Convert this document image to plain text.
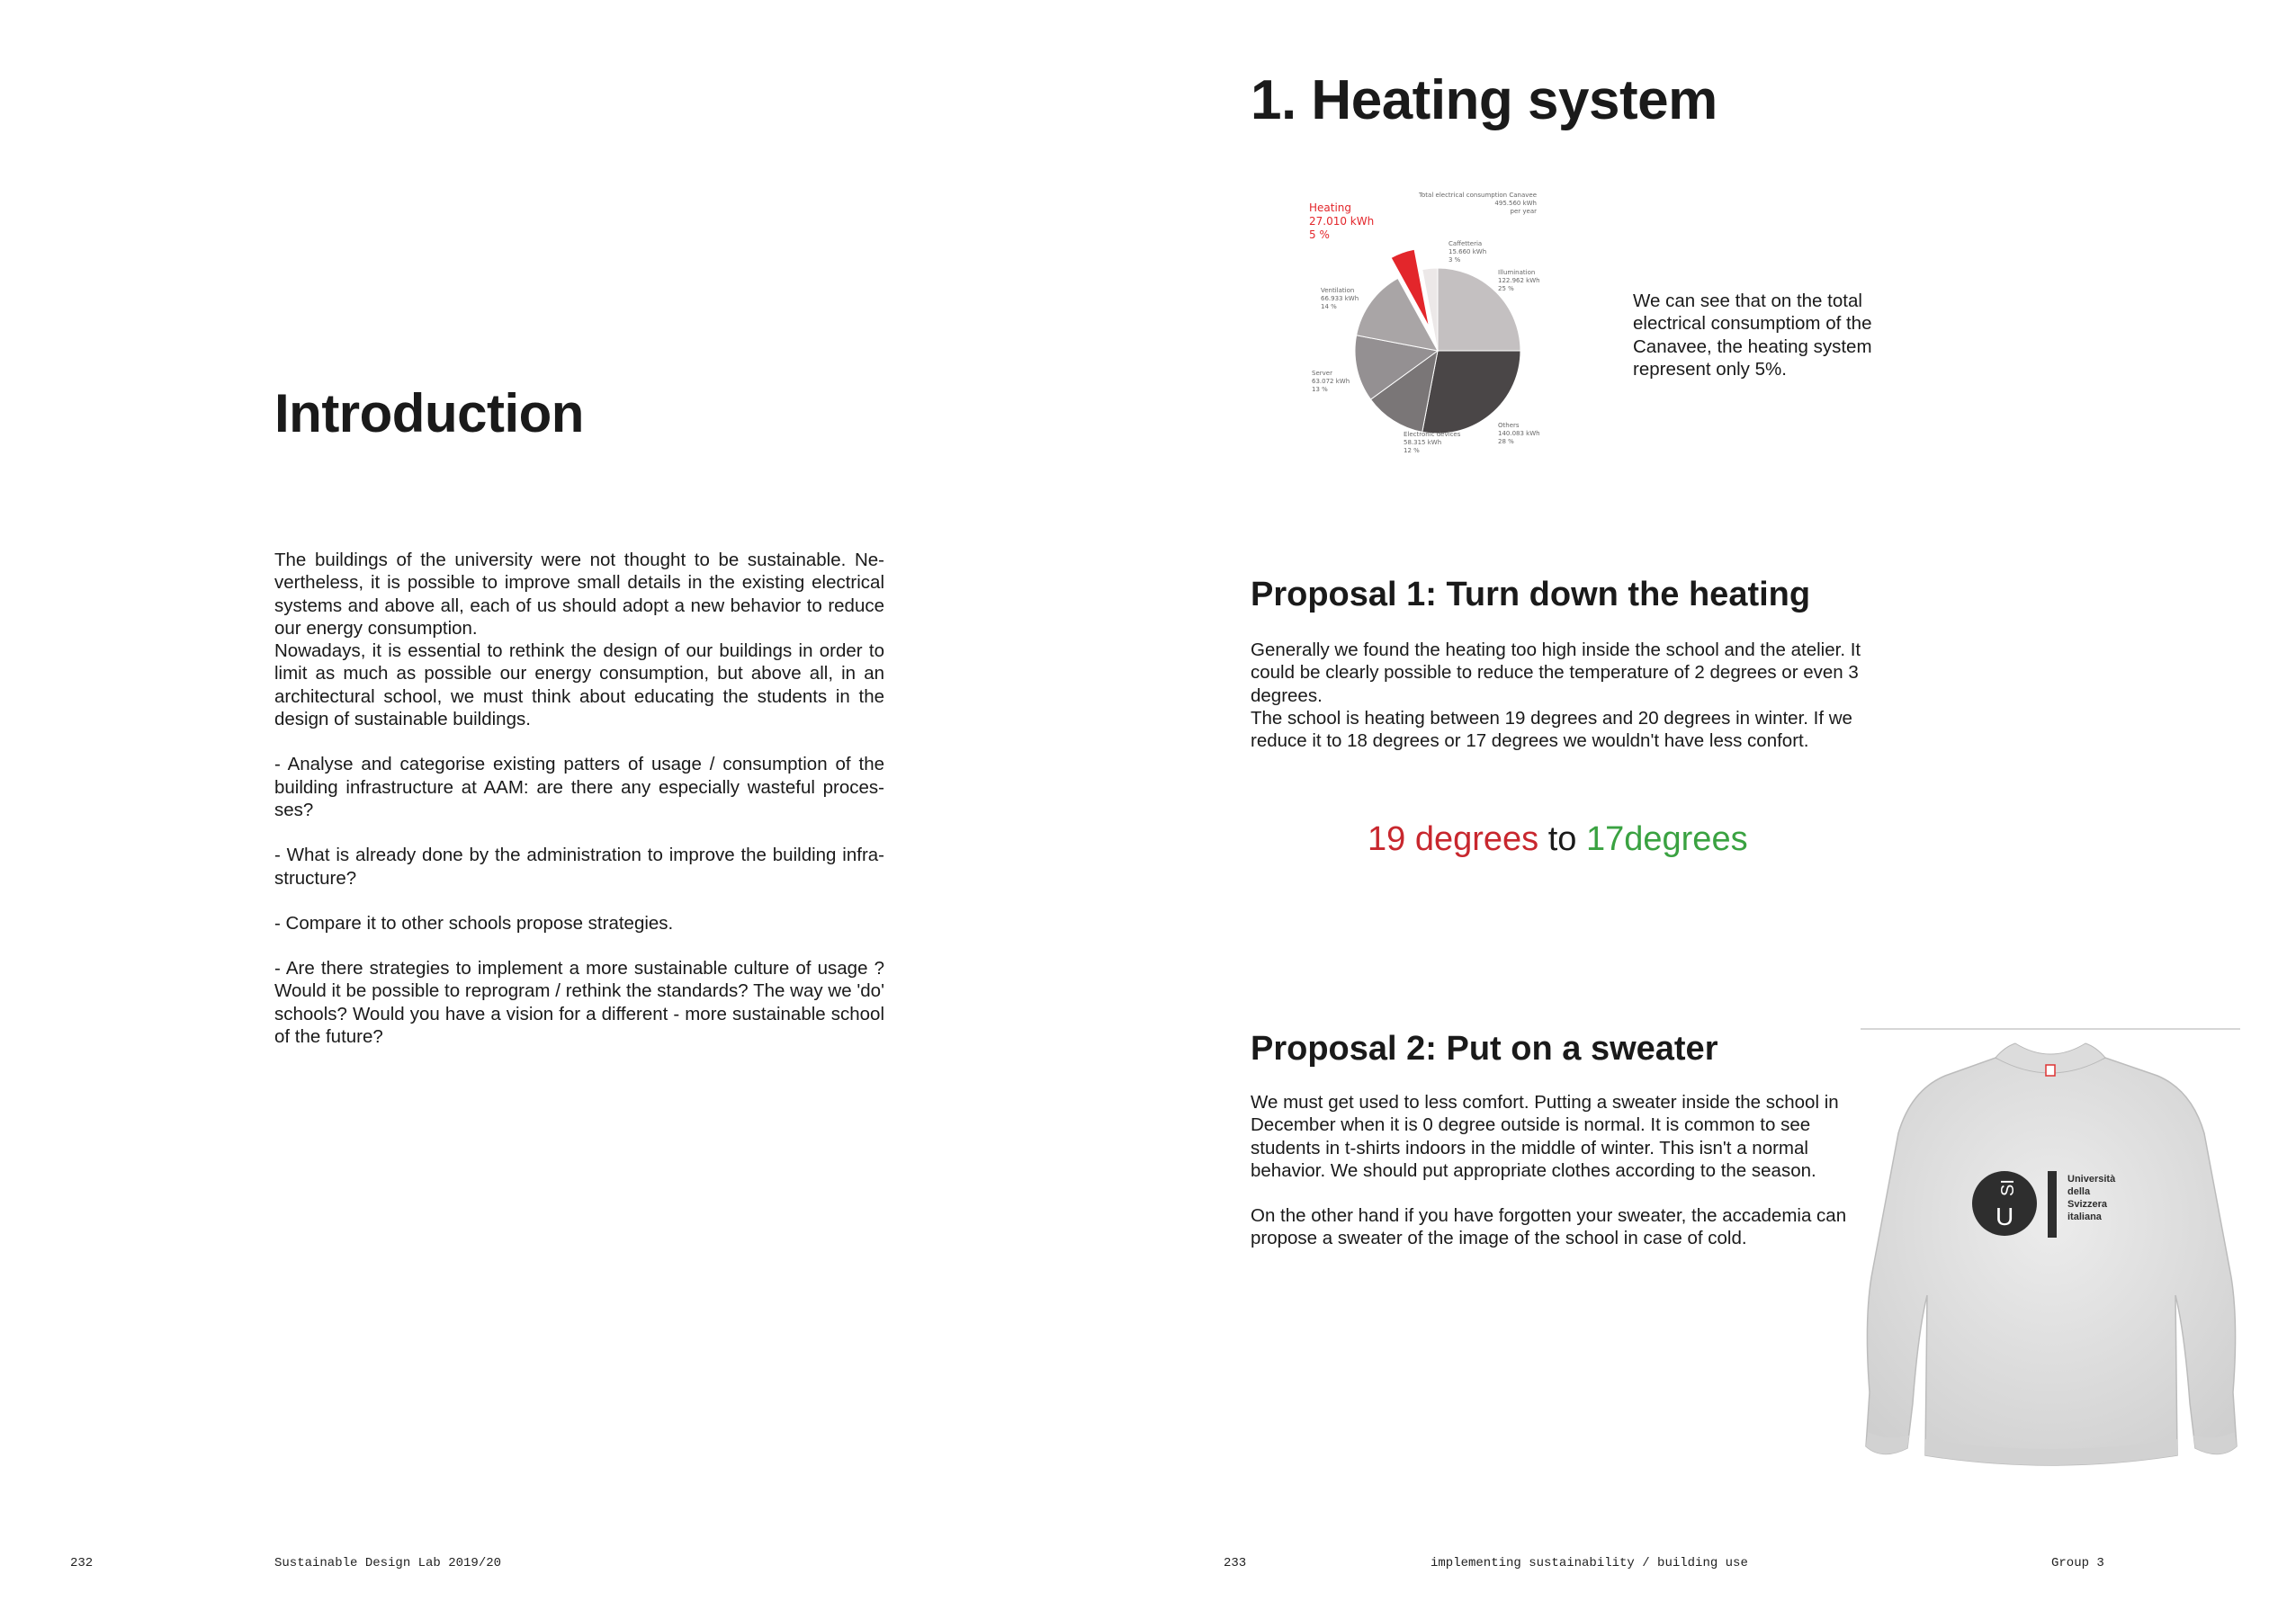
Introduction

The buildings of the university were not thought to be sustainable. Ne-vertheless, it is possible to improve small details in the existing electrical systems and above all, each of us should adopt a new behavior to reduce our energy consumption.

Nowadays, it is essential to rethink the design of our buildings in order to limit as much as possible our energy consumption, but above all, in an architectural school, we must think about educating the students in the design of sustainable buildings.

- Analyse and categorise existing patters of usage / consumption of the building infrastructure at AAM: are there any especially wasteful proces-ses?

- What is already done by the administration to improve the building infra-structure?

- Compare it to other schools propose strategies.

- Are there strategies to implement a more sustainable culture of usage ? Would it be possible to reprogram / rethink the standards? The way we 'do' schools? Would you have a vision for a different - more sustainable school of the future?

232	Sustainable Design Lab 2019/20
1. Heating system
Illumination 122.962 kWh 25 %
Others 140.083 kWh 28 %
Electronic devices 58.315 kWh 12 %
Server 63.072 kWh 13 %
Ventilation 66.933 kWh 14 %
Heating 27.010 kWh 5 %
Caffetteria 15.660 kWh 3 %
Total electrical consumption Canavee 495.560 kWh per year
We can see that on the total electrical consumptiom of the Canavee, the heating system represent only 5%.
Proposal 1: Turn down the heating

Generally we found the heating too high inside the school and the atelier. It could be clearly possible to reduce the temperature of 2 degrees or even 3 degrees.

The school is heating between 19 degrees and 20 degrees in winter. If we reduce it to 18 degrees or 17 degrees we wouldn't have less confort.

19 degrees to 17degrees
Proposal 2: Put on a sweater

We must get used to less comfort. Putting a sweater inside the school in December when it is 0 degree outside is normal. It is common to see students in t-shirts indoors in the middle of winter. This isn't a normal behavior. We should put appropriate clothes according to the season.

On the other hand if you have forgotten your sweater, the accademia can propose a sweater of the image of the school in case of cold.

U
SI
Università
della
Svizzera
italiana
233	implementing sustainability / building use	Group 3
